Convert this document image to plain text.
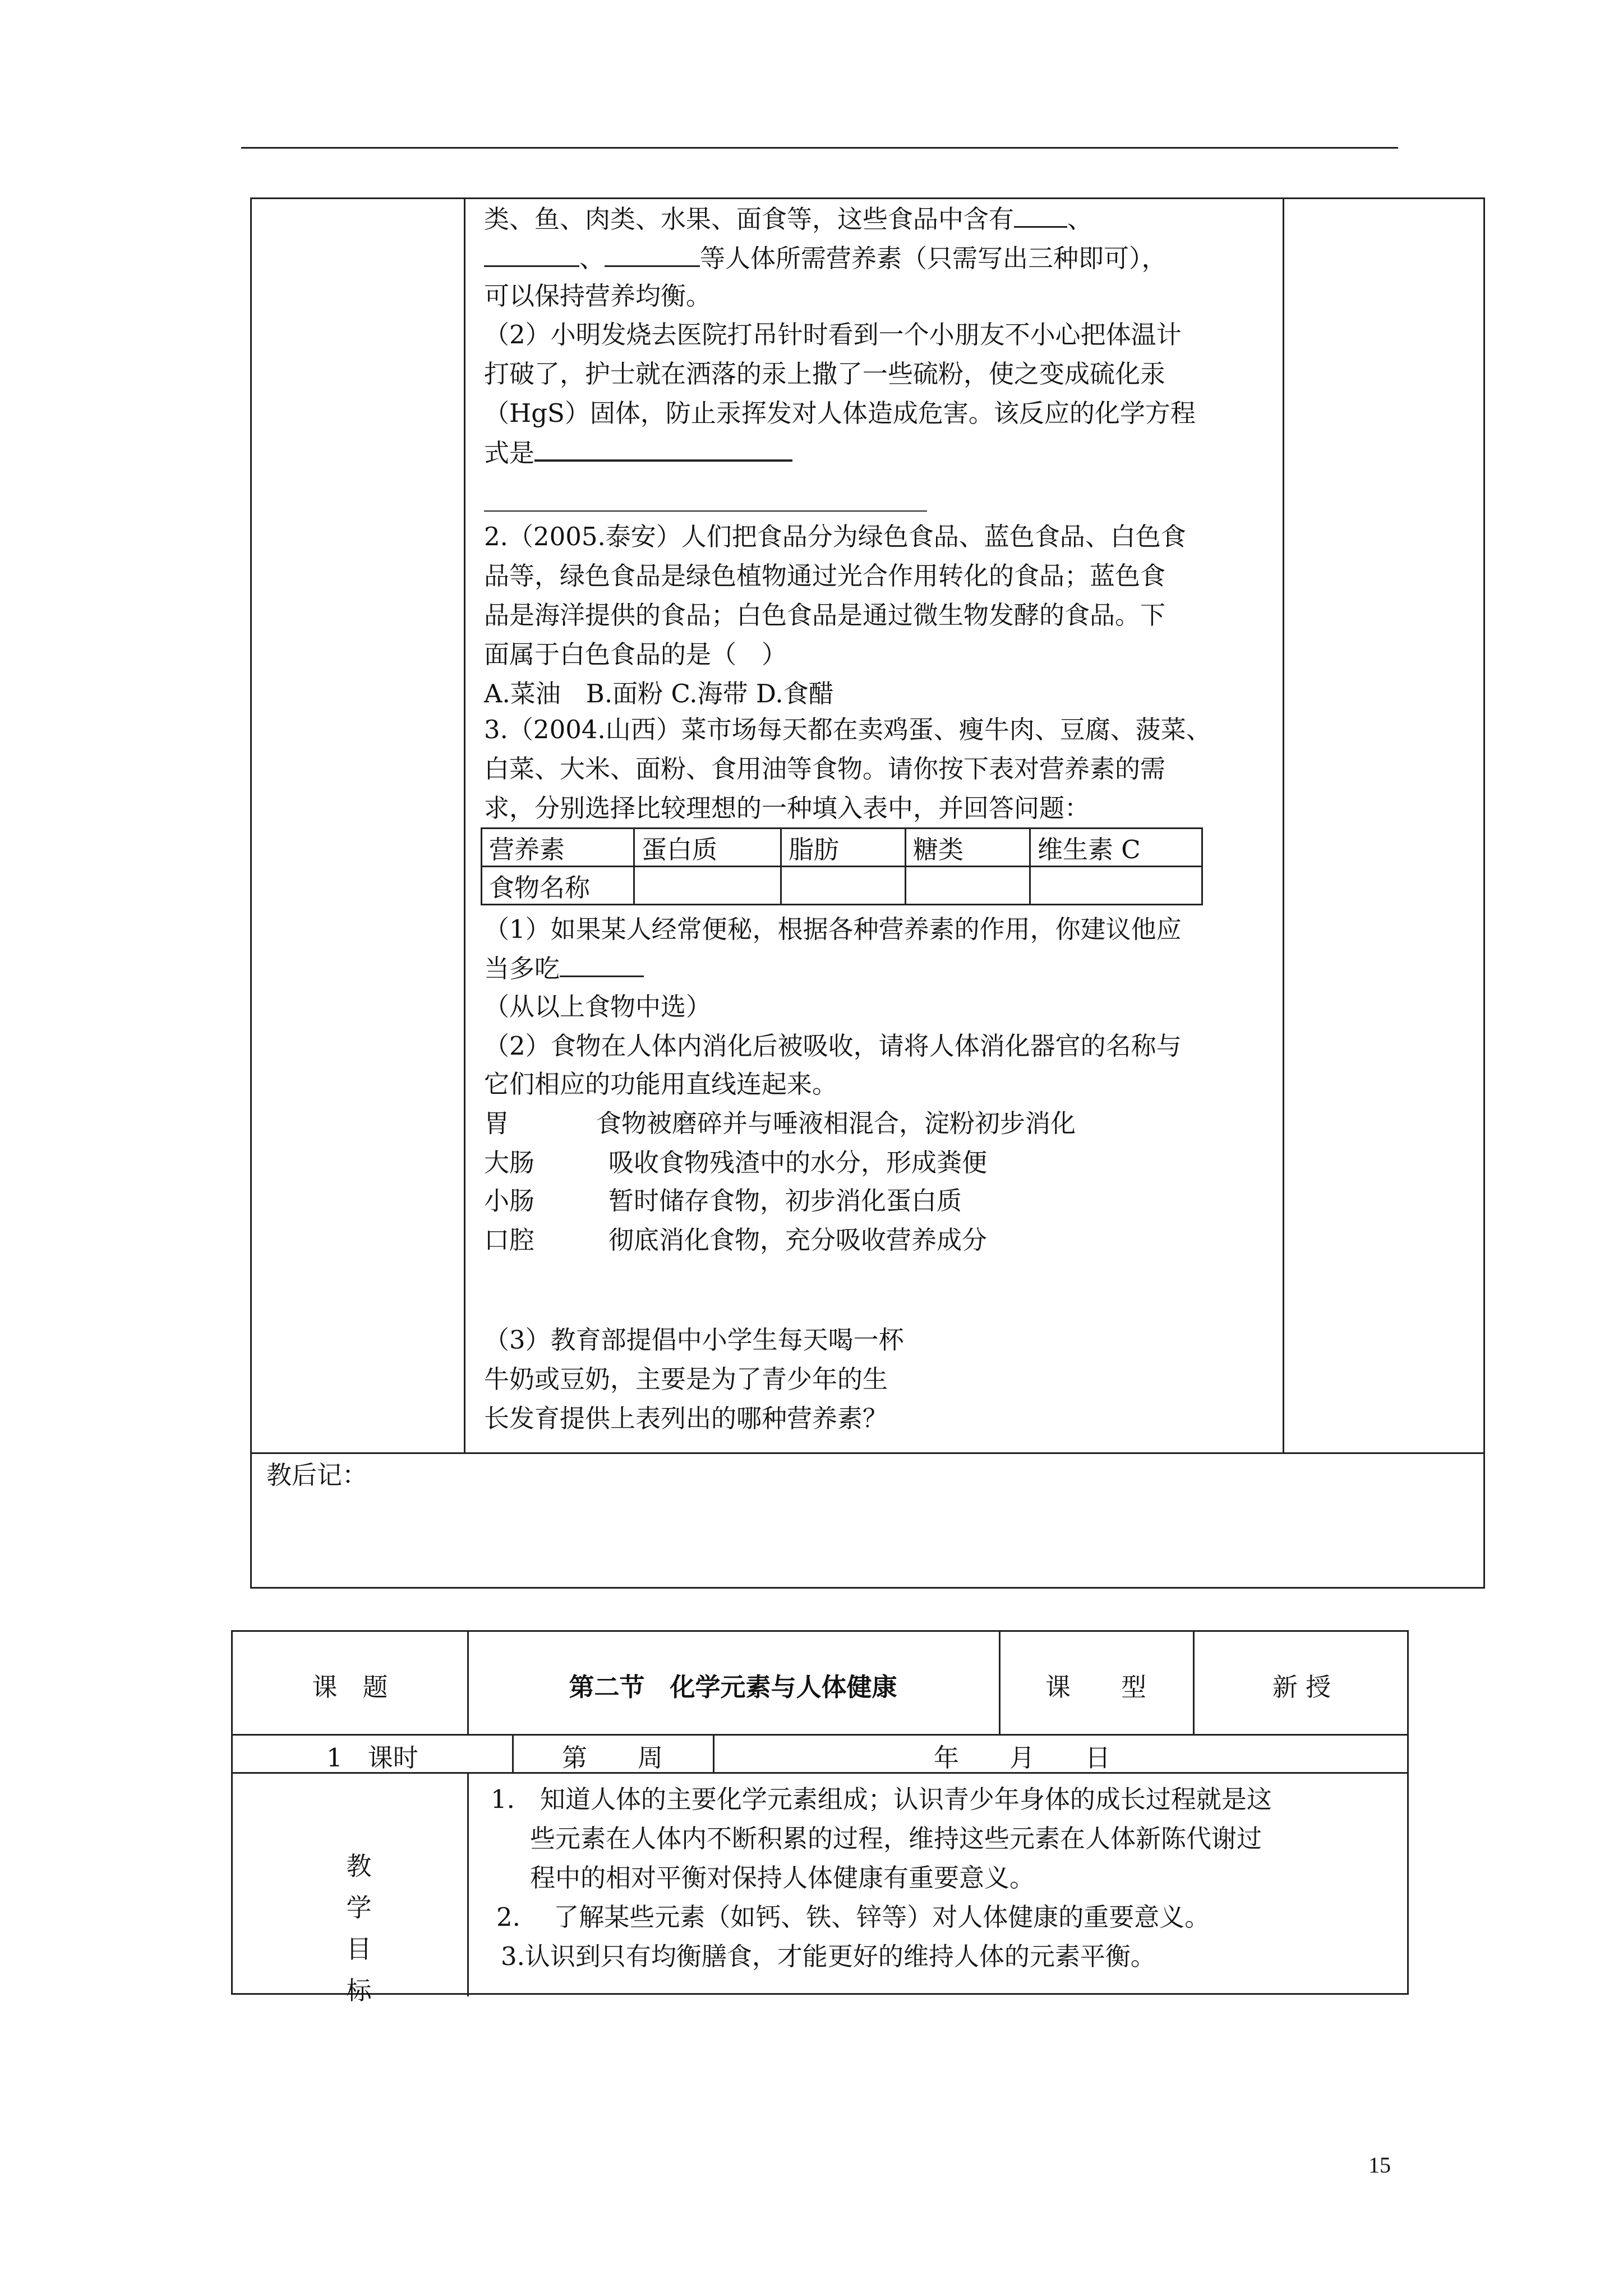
类、鱼、肉类、水果、面食等，这些食品中含有 、
、	等人体所需营养素（只需写出三种即可），
可以保持营养均衡。
（2）小明发烧去医院打吊针时看到一个小朋友不小心把体温计
打破了，护士就在洒落的汞上撒了一些硫粉，使之变成硫化汞
（HgS）固体，防止汞挥发对人体造成危害。该反应的化学方程
式是
2.（2005.泰安）人们把食品分为绿色食品、蓝色食品、白色食
品等，绿色食品是绿色植物通过光合作用转化的食品；蓝色食
品是海洋提供的食品；白色食品是通过微生物发酵的食品。下
面属于白色食品的是（　）
A.菜油　B.面粉 C.海带 D.食醋
3.（2004.山西）菜市场每天都在卖鸡蛋、瘦牛肉、豆腐、菠菜、
白菜、大米、面粉、食用油等食物。请你按下表对营养素的需
求，分别选择比较理想的一种填入表中，并回答问题：
营养素	蛋白质	脂肪	糖类	维生素 C
食物名称				
（1）如果某人经常便秘，根据各种营养素的作用，你建议他应
当多吃
（从以上食物中选）
（2）食物在人体内消化后被吸收，请将人体消化器官的名称与
它们相应的功能用直线连起来。
胃	食物被磨碎并与唾液相混合，淀粉初步消化
大肠	吸收食物残渣中的水分，形成粪便
小肠	暂时储存食物，初步消化蛋白质
口腔	彻底消化食物，充分吸收营养成分
（3）教育部提倡中小学生每天喝一杯
牛奶或豆奶，主要是为了青少年的生
长发育提供上表列出的哪种营养素？
教后记：
课　题	第二节　化学元素与人体健康	课　　型	新 授
1　课时	第　　周	年　　月　　日
1.　知道人体的主要化学元素组成；认识青少年身体的成长过程就是这
些元素在人体内不断积累的过程，维持这些元素在人体新陈代谢过
程中的相对平衡对保持人体健康有重要意义。
2.　 了解某些元素（如钙、铁、锌等）对人体健康的重要意义。
3.认识到只有均衡膳食，才能更好的维持人体的元素平衡。
教
学
目
标
15
